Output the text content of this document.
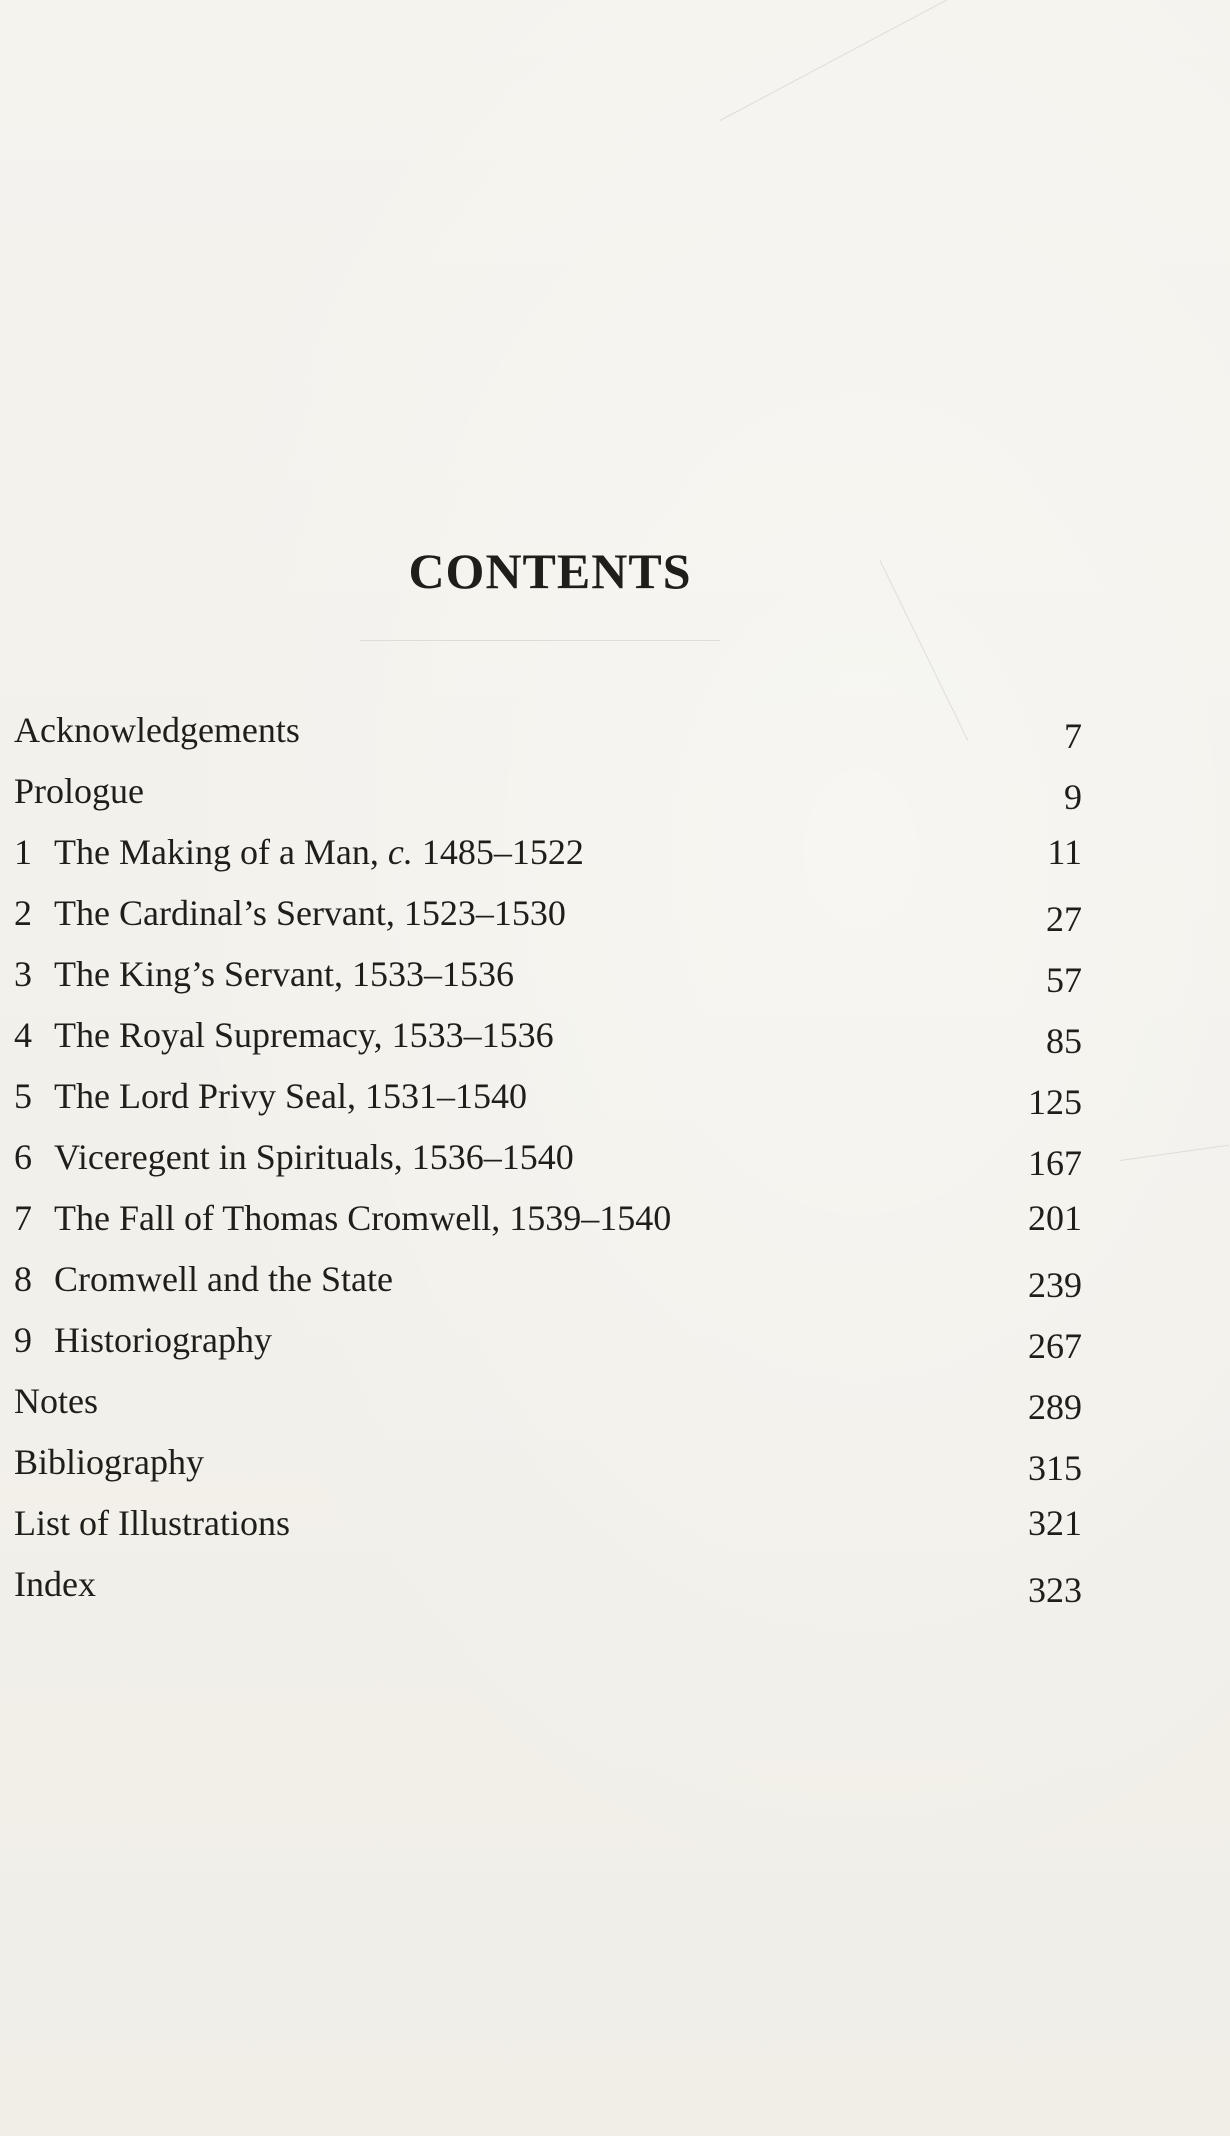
CONTENTS
Acknowledgements	7
Prologue	9
1 The Making of a Man, c. 1485–1522	11
2 The Cardinal’s Servant, 1523–1530	27
3 The King’s Servant, 1533–1536	57
4 The Royal Supremacy, 1533–1536	85
5 The Lord Privy Seal, 1531–1540	125
6 Viceregent in Spirituals, 1536–1540	167
7 The Fall of Thomas Cromwell, 1539–1540	201
8 Cromwell and the State	239
9 Historiography	267
Notes	289
Bibliography	315
List of Illustrations	321
Index	323
